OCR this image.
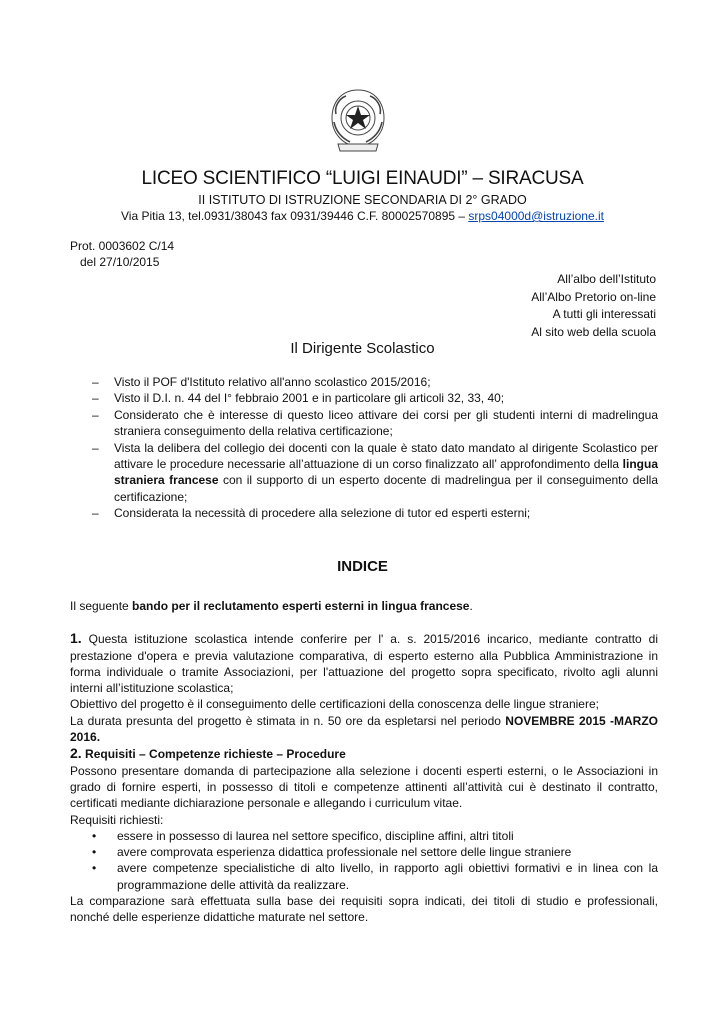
LICEO SCIENTIFICO “LUIGI EINAUDI” – SIRACUSA
II ISTITUTO DI ISTRUZIONE SECONDARIA DI 2° GRADO
Via Pitia 13, tel.0931/38043 fax 0931/39446 C.F. 80002570895 – srps04000d@istruzione.it
Prot. 0003602 C/14
del 27/10/2015
All’albo dell’Istituto
All’Albo Pretorio on-line
A tutti gli interessati
Al sito web della scuola
Il Dirigente Scolastico
– Visto il POF d'Istituto relativo all'anno scolastico 2015/2016;
– Visto il D.I. n. 44 del I° febbraio 2001 e in particolare gli articoli 32, 33, 40;
– Considerato che è interesse di questo liceo attivare dei corsi per gli studenti interni di madrelingua straniera conseguimento della relativa certificazione;
– Vista la delibera del collegio dei docenti con la quale è stato dato mandato al dirigente Scolastico per attivare le procedure necessarie all’attuazione di un corso finalizzato all’ approfondimento della lingua straniera francese con il supporto di un esperto docente di madrelingua per il conseguimento della certificazione;
– Considerata la necessità di procedere alla selezione di tutor ed esperti esterni;
INDICE

Il seguente bando per il reclutamento esperti esterni in lingua francese.

1. Questa istituzione scolastica intende conferire per l' a. s. 2015/2016 incarico, mediante contratto di prestazione d'opera e previa valutazione comparativa, di esperto esterno alla Pubblica Amministrazione in forma individuale o tramite Associazioni, per l'attuazione del progetto sopra specificato, rivolto agli alunni interni all’istituzione scolastica;

Obiettivo del progetto è il conseguimento delle certificazioni della conoscenza delle lingue straniere;

La durata presunta del progetto è stimata in n. 50 ore da espletarsi nel periodo NOVEMBRE 2015 -MARZO 2016.

2. Requisiti – Competenze richieste – Procedure

Possono presentare domanda di partecipazione alla selezione i docenti esperti esterni, o le Associazioni in grado di fornire esperti, in possesso di titoli e competenze attinenti all’attività cui è destinato il contratto, certificati mediante dichiarazione personale e allegando i curriculum vitae.

Requisiti richiesti:

• essere in possesso di laurea nel settore specifico, discipline affini, altri titoli
• avere comprovata esperienza didattica professionale nel settore delle lingue straniere
• avere competenze specialistiche di alto livello, in rapporto agli obiettivi formativi e in linea con la programmazione delle attività da realizzare.

La comparazione sarà effettuata sulla base dei requisiti sopra indicati, dei titoli di studio e professionali, nonché delle esperienze didattiche maturate nel settore.
